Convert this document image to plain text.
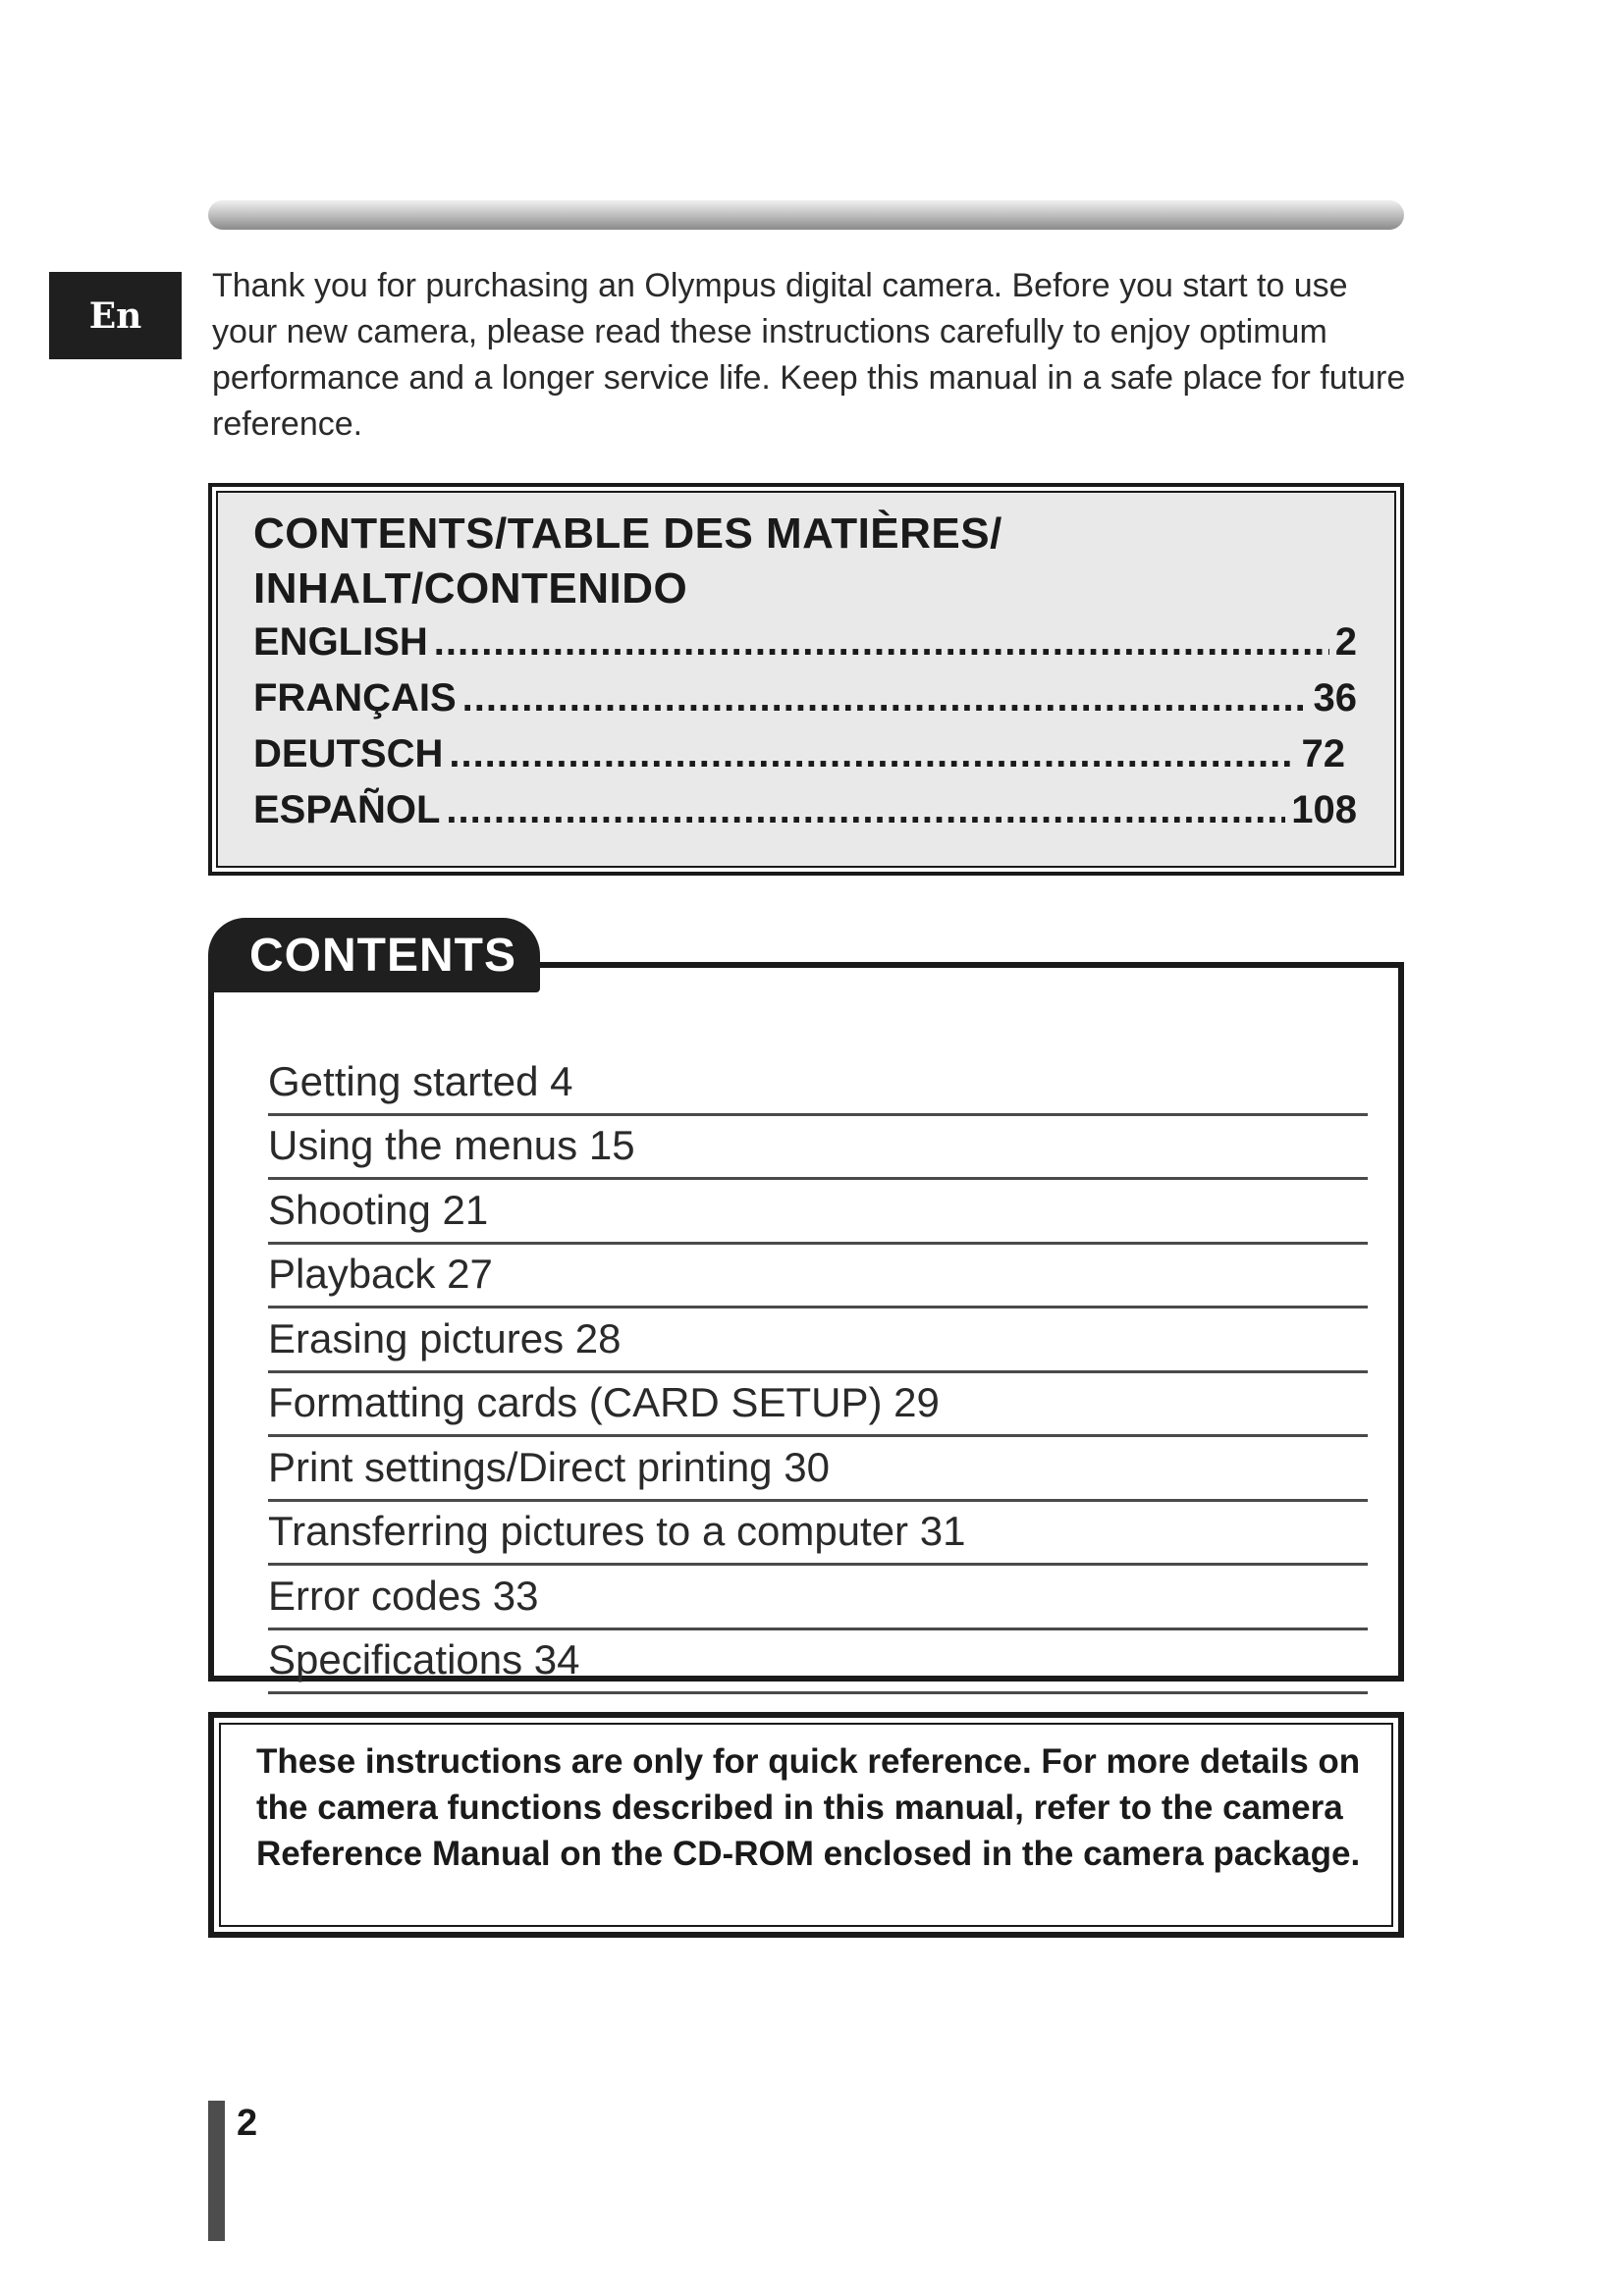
En

Thank you for purchasing an Olympus digital camera. Before you start to use your new camera, please read these instructions carefully to enjoy optimum performance and a longer service life. Keep this manual in a safe place for future reference.

CONTENTS/TABLE DES MATIÈRES/
INHALT/CONTENIDO
ENGLISH .....	2
FRANÇAIS .....	36
DEUTSCH .....	72
ESPAÑOL .....	108
Getting started 4
Using the menus 15
Shooting 21
Playback 27
Erasing pictures 28
Formatting cards (CARD SETUP) 29
Print settings/Direct printing 30
Transferring pictures to a computer 31
Error codes 33
Specifications 34
CONTENTS
These instructions are only for quick reference. For more details on the camera functions described in this manual, refer to the camera Reference Manual on the CD-ROM enclosed in the camera package.
2
